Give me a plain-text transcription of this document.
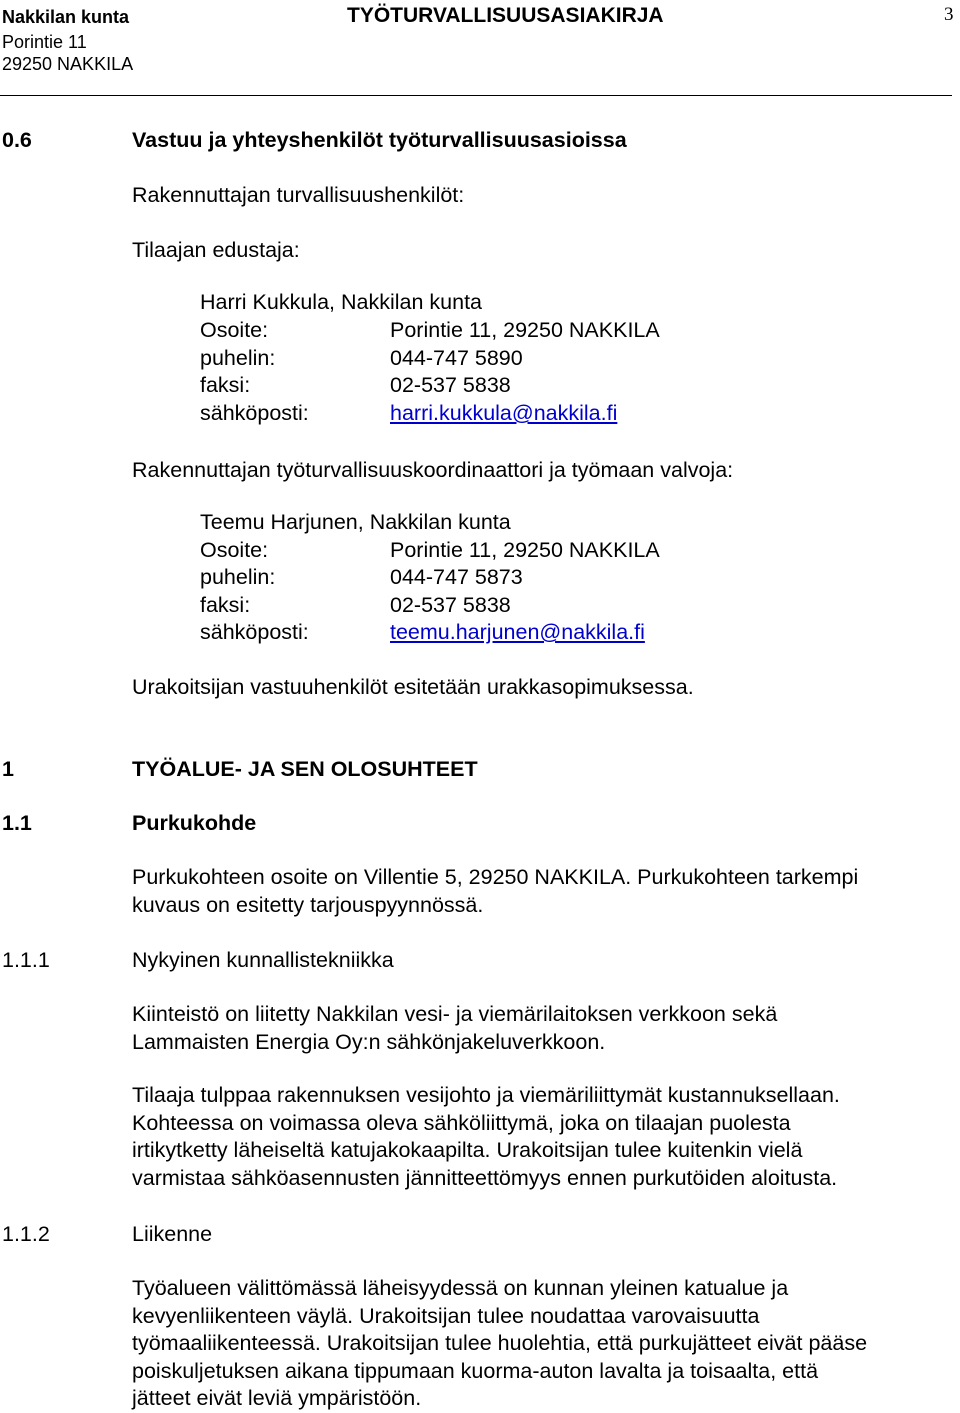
Nakkilan kunta
Porintie 11
29250 NAKKILA
TYÖTURVALLISUUSASIAKIRJA	3
0.6	Vastuu ja yhteyshenkilöt työturvallisuusasioissa
Rakennuttajan turvallisuushenkilöt:
Tilaajan edustaja:
Harri Kukkula, Nakkilan kunta
Osoite:	Porintie 11, 29250 NAKKILA
puhelin:	044-747 5890
faksi:	02-537 5838
sähköposti:	harri.kukkula@nakkila.fi
Rakennuttajan työturvallisuuskoordinaattori ja työmaan valvoja:
Teemu Harjunen, Nakkilan kunta
Osoite:	Porintie 11, 29250 NAKKILA
puhelin:	044-747 5873
faksi:	02-537 5838
sähköposti:	teemu.harjunen@nakkila.fi
Urakoitsijan vastuuhenkilöt esitetään urakkasopimuksessa.
1	TYÖALUE- JA SEN OLOSUHTEET
1.1	Purkukohde

Purkukohteen osoite on Villentie 5, 29250 NAKKILA. Purkukohteen tarkempi

kuvaus on esitetty tarjouspyynnössä.

1.1.1	Nykyinen kunnallistekniikka

Kiinteistö on liitetty Nakkilan vesi- ja viemärilaitoksen verkkoon sekä

Lammaisten Energia Oy:n sähkönjakeluverkkoon.

Tilaaja tulppaa rakennuksen vesijohto ja viemäriliittymät kustannuksellaan.

Kohteessa on voimassa oleva sähköliittymä, joka on tilaajan puolesta

irtikytketty läheiseltä katujakokaapilta. Urakoitsijan tulee kuitenkin vielä

varmistaa sähköasennusten jännitteettömyys ennen purkutöiden aloitusta.

1.1.2	Liikenne

Työalueen välittömässä läheisyydessä on kunnan yleinen katualue ja

kevyenliikenteen väylä. Urakoitsijan tulee noudattaa varovaisuutta

työmaaliikenteessä. Urakoitsijan tulee huolehtia, että purkujätteet eivät pääse

poiskuljetuksen aikana tippumaan kuorma-auton lavalta ja toisaalta, että

jätteet eivät leviä ympäristöön.
